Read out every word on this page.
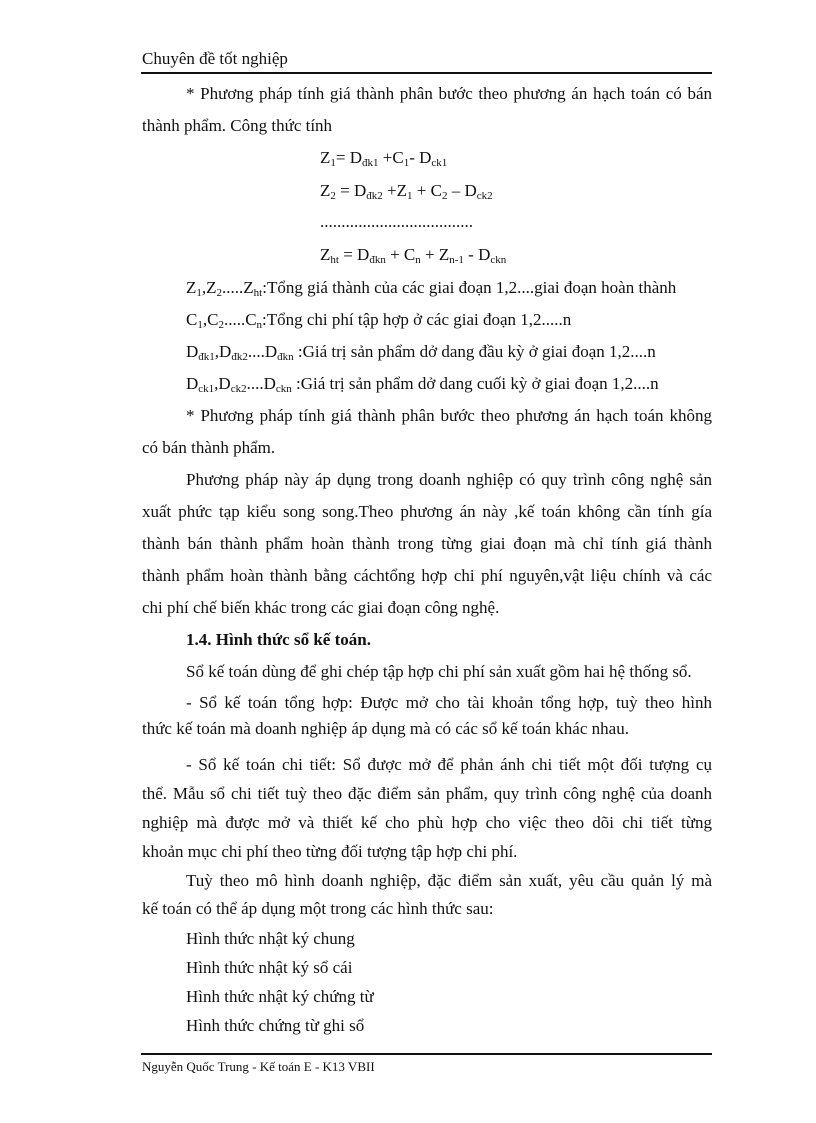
Chuyên đề tốt nghiệp
* Phương pháp tính giá thành phân bước theo phương án hạch toán có bán
thành phẩm. Công thức tính
$Z_1= D_{đk1} +C_1-$ $D_{ck1}$
$Z_2 = D_{đk2} +Z_1 + C_2 - D_{ck2}$
....................................
$Z_{ht} = D_{đkn} + C_n + Z_{n-1} - D_{ckn}$
$Z_1,Z_2.....Z_{ht}:Tổng$ giá thành của các giai đoạn 1,2....giai đoạn hoàn thành
$C_1,C_2.....C_n:Tổng$ chi phí tập hợp ở các giai đoạn 1,2.....n
$D_{đk1},D_{đk2}....D_{đkn}$ :Giá trị sản phẩm dở dang đầu kỳ ở giai đoạn 1,2....n
$D_{ck1},D_{ck2}....D_{ckn}$ :Giá trị sản phẩm dở dang cuối kỳ ở giai đoạn 1,2....n
* Phương pháp tính giá thành phân bước theo phương án hạch toán không
có bán thành phẩm.
Phương pháp này áp dụng trong doanh nghiệp có quy trình công nghệ sản
xuất phức tạp kiểu song song.Theo phương án này ,kế toán không cần tính gía
thành bán thành phẩm hoàn thành trong từng giai đoạn mà chỉ tính giá thành
thành phẩm hoàn thành bằng cáchtổng hợp chi phí nguyên,vật liệu chính và các
chi phí chế biến khác trong các giai đoạn công nghệ.
1.4. Hình thức sổ kế toán.
Sổ kế toán dùng để ghi chép tập hợp chi phí sản xuất gồm hai hệ thống sổ.
- Sổ kế toán tổng hợp: Được mở cho tài khoản tổng hợp, tuỳ theo hình
thức kế toán mà doanh nghiệp áp dụng mà có các sổ kế toán khác nhau.
- Sổ kế toán chi tiết: Sổ được mở để phản ánh chi tiết một đối tượng cụ
thể. Mẫu sổ chi tiết tuỳ theo đặc điểm sản phẩm, quy trình công nghệ của doanh
nghiệp mà được mở và thiết kế cho phù hợp cho việc theo dõi chi tiết từng
khoản mục chi phí theo từng đối tượng tập hợp chi phí.
Tuỳ theo mô hình doanh nghiệp, đặc điểm sản xuất, yêu cầu quản lý mà
kế toán có thể áp dụng một trong các hình thức sau:
Hình thức nhật ký chung
Hình thức nhật ký sổ cái
Hình thức nhật ký chứng từ
Hình thức chứng từ ghi sổ
Nguyễn Quốc Trung - Kế toán E - K13 VBII
